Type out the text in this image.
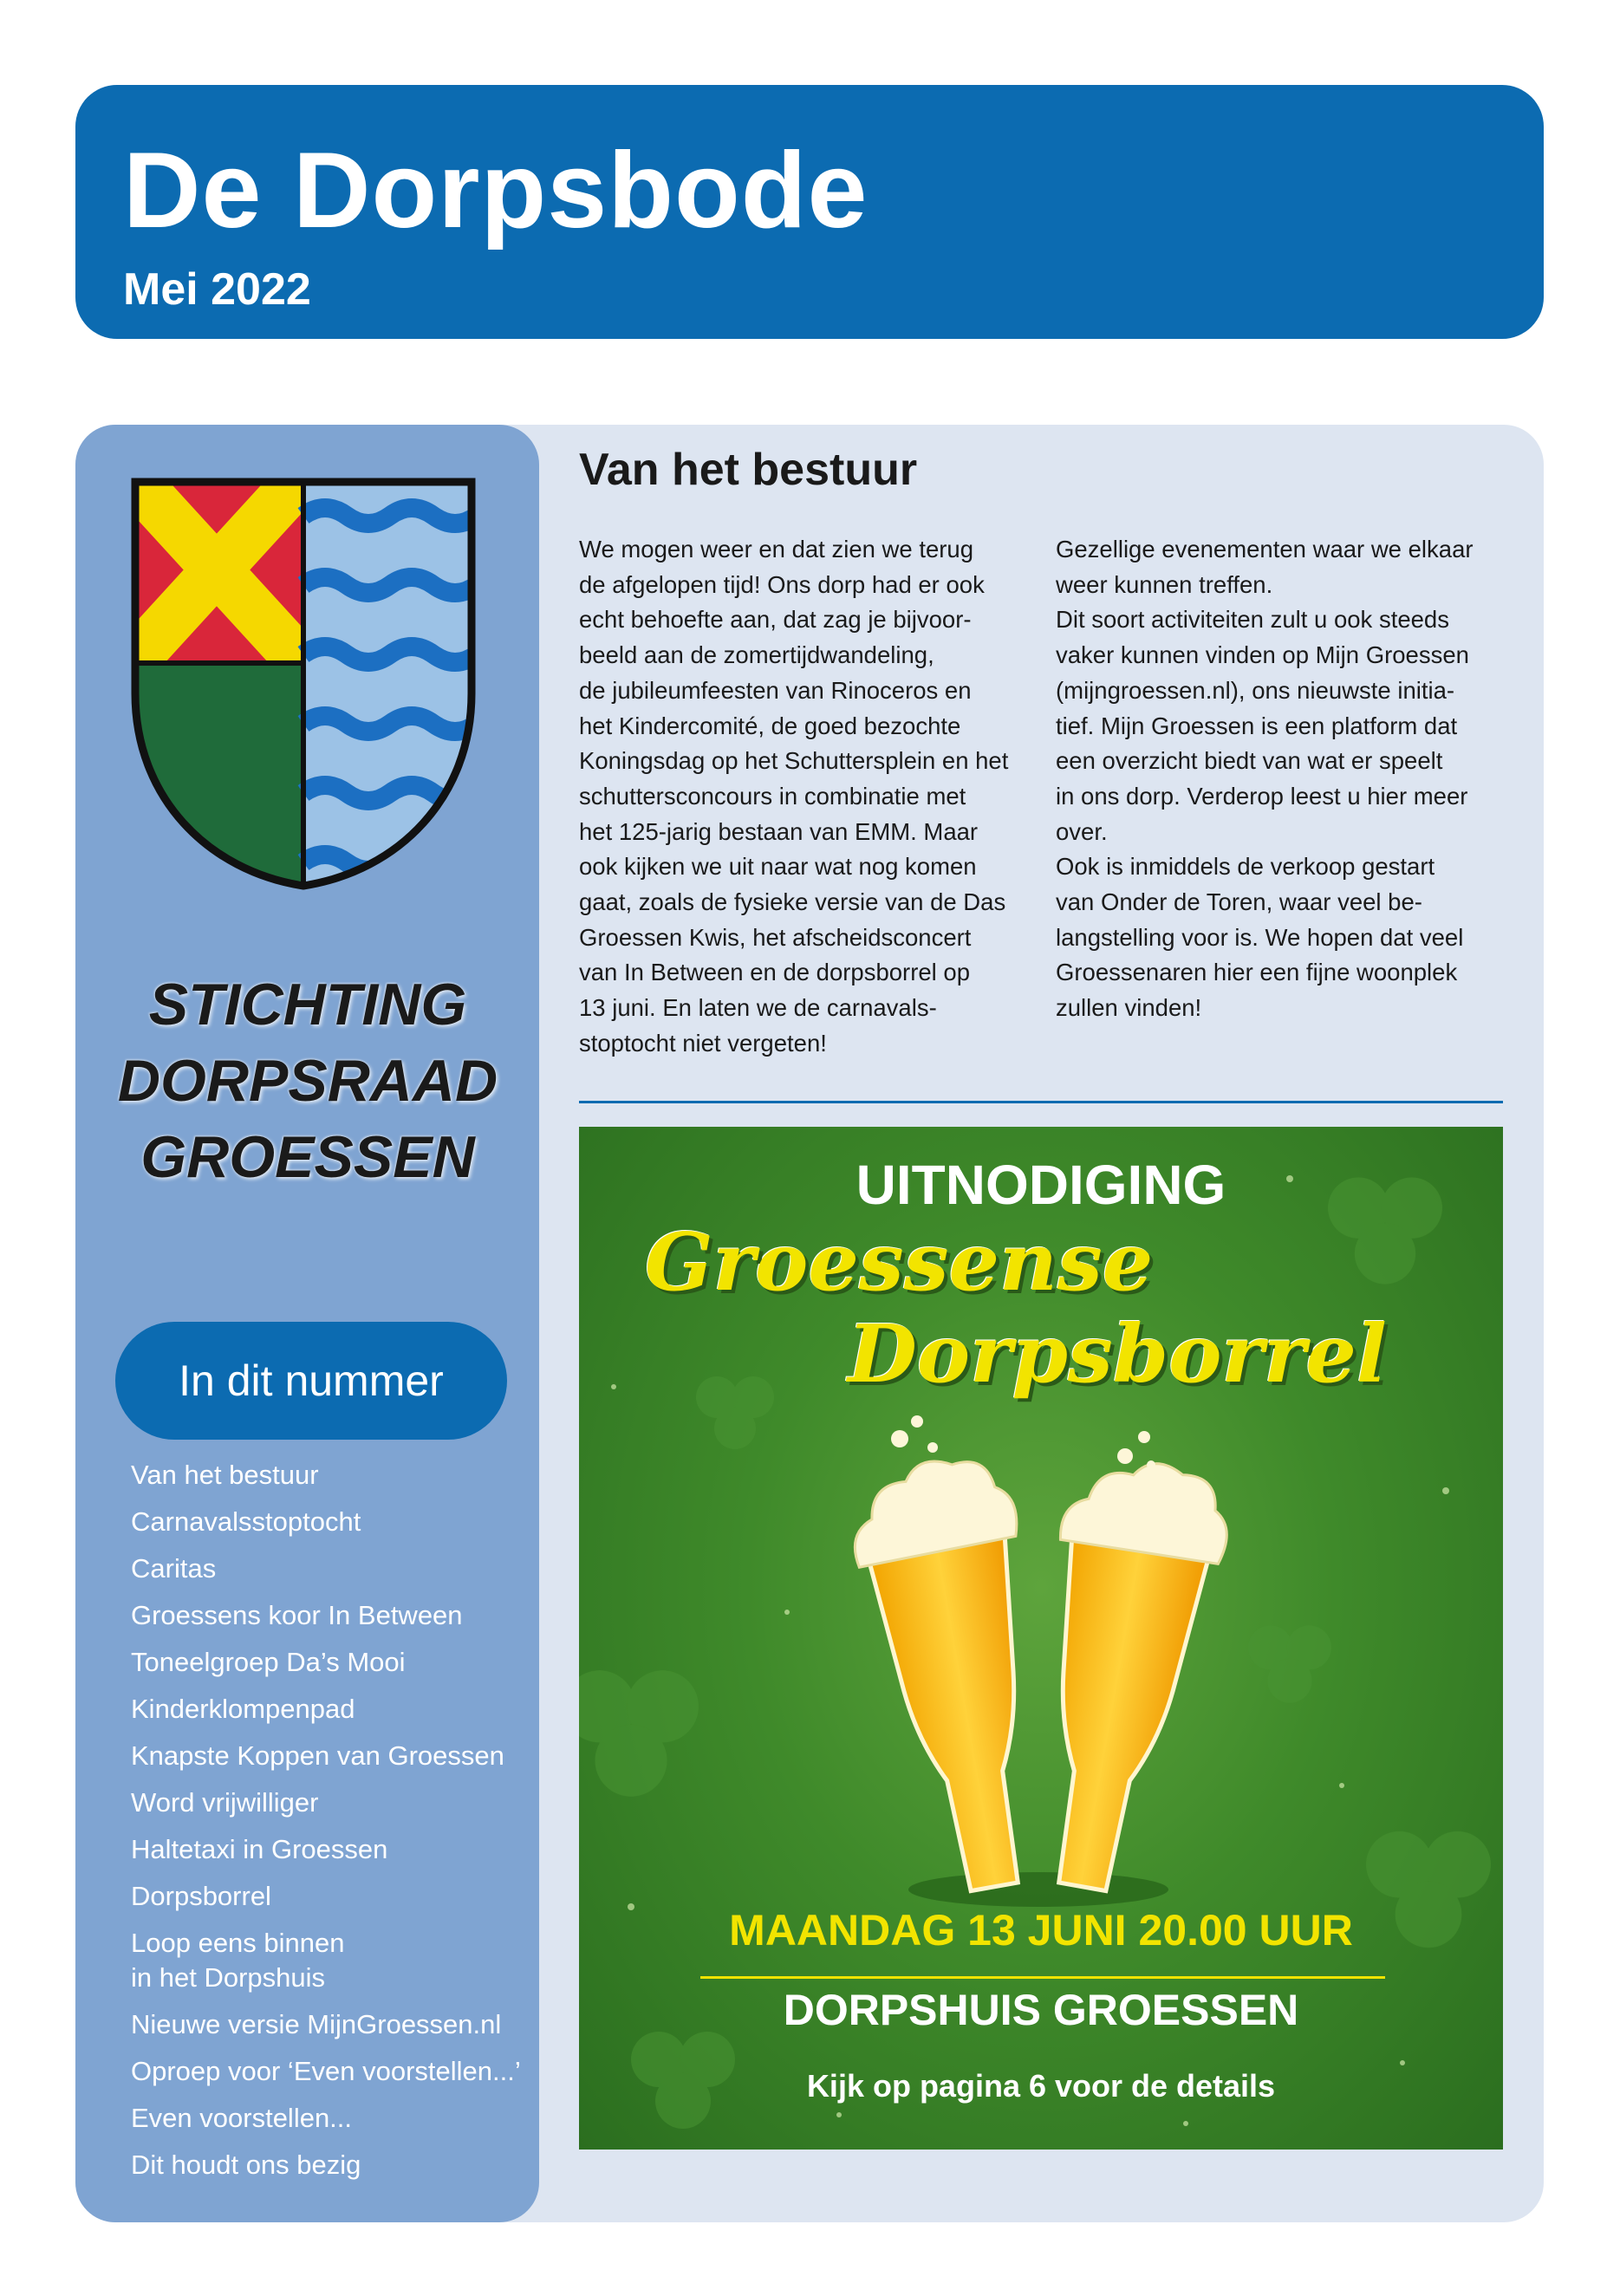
De Dorpsbode
Mei 2022
STICHTING
DORPSRAAD
GROESSEN
In dit nummer
Van het bestuur
Carnavalsstoptocht
Caritas
Groessens koor In Between
Toneelgroep Da’s Mooi
Kinderklompenpad
Knapste Koppen van Groessen
Word vrijwilliger
Haltetaxi in Groessen
Dorpsborrel
Loop eens binnen
in het Dorpshuis
Nieuwe versie MijnGroessen.nl
Oproep voor ‘Even voorstellen...’
Even voorstellen...
Dit houdt ons bezig
Van het bestuur
We mogen weer en dat zien we terug
de afgelopen tijd! Ons dorp had er ook
echt behoefte aan, dat zag je bijvoor-
beeld aan de zomertijdwandeling,
de jubileumfeesten van Rinoceros en
het Kindercomité, de goed bezochte
Koningsdag op het Schuttersplein en het
schuttersconcours in combinatie met
het 125-jarig bestaan van EMM. Maar
ook kijken we uit naar wat nog komen
gaat, zoals de fysieke versie van de Das
Groessen Kwis, het afscheidsconcert
van In Between en de dorpsborrel op
13 juni. En laten we de carnavals-
stoptocht niet vergeten!
Gezellige evenementen waar we elkaar
weer kunnen treffen.
Dit soort activiteiten zult u ook steeds
vaker kunnen vinden op Mijn Groessen
(mijngroessen.nl), ons nieuwste initia-
tief. Mijn Groessen is een platform dat
een overzicht biedt van wat er speelt
in ons dorp. Verderop leest u hier meer
over.
Ook is inmiddels de verkoop gestart
van Onder de Toren, waar veel be-
langstelling voor is. We hopen dat veel
Groessenaren hier een fijne woonplek
zullen vinden!
UITNODIGING
Groessense
Dorpsborrel
MAANDAG 13 JUNI 20.00 UUR
DORPSHUIS GROESSEN
Kijk op pagina 6 voor de details
